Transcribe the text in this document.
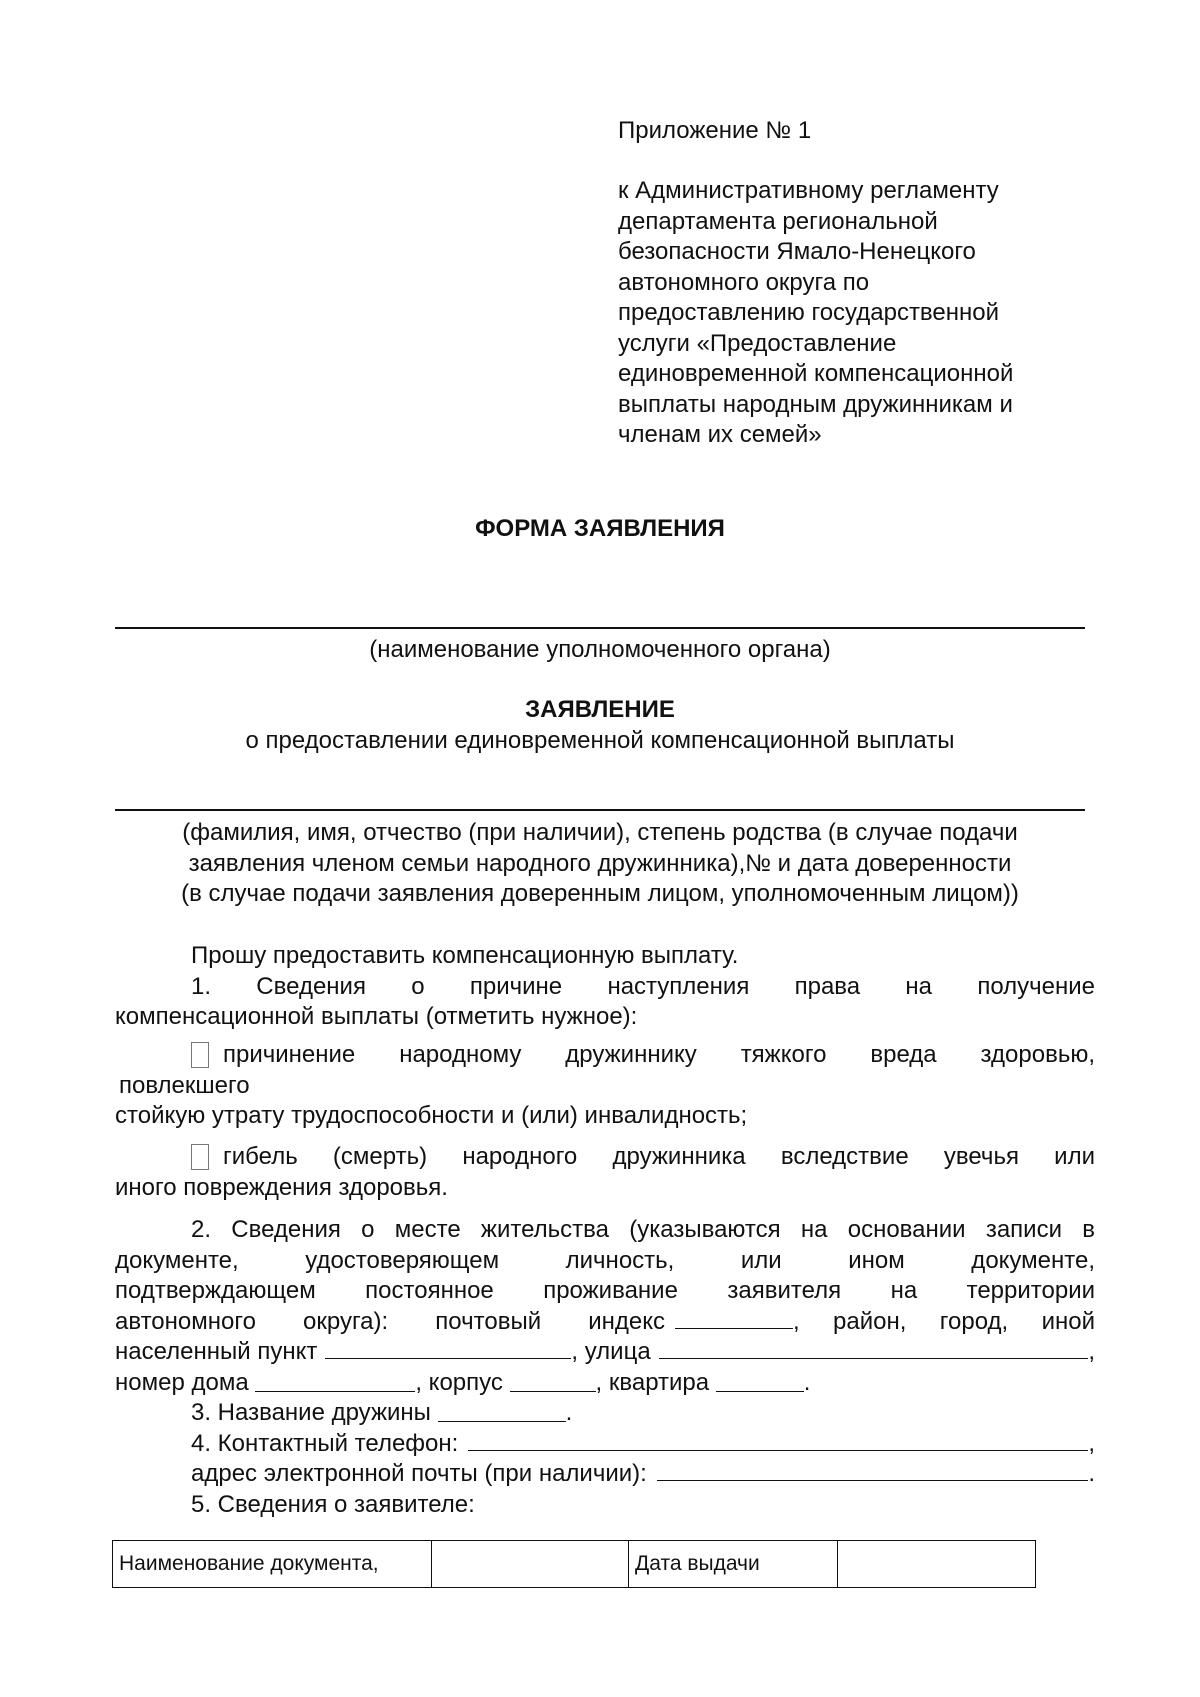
Приложение № 1

к Административному регламенту

департамента региональной

безопасности Ямало-Ненецкого

автономного округа по

предоставлению государственной

услуги «Предоставление

единовременной компенсационной

выплаты народным дружинникам и

членам их семей»

ФОРМА ЗАЯВЛЕНИЯ
(наименование уполномоченного органа)
ЗАЯВЛЕНИЕ
о предоставлении единовременной компенсационной выплаты
(фамилия, имя, отчество (при наличии), степень родства (в случае подачи
заявления членом семьи народного дружинника),№ и дата доверенности
(в случае подачи заявления доверенным лицом, уполномоченным лицом))
Прошу предоставить компенсационную выплату.
1. Сведения о причине наступления права на получение
компенсационной выплаты (отметить нужное):
причинение народному дружиннику тяжкого вреда здоровью,
повлекшего
стойкую утрату трудоспособности и (или) инвалидность;
гибель (смерть) народного дружинника вследствие увечья или
иного повреждения здоровья.
2. Сведения о месте жительства (указываются на основании записи в
документе, удостоверяющем личность, или ином документе,
подтверждающем постоянное проживание заявителя на территории
автономного округа): почтовый индекс	, район, город, иной
населенный пункт	, улица	,
номер дома	, корпус	, квартира	.
3. Название дружины	.
4. Контактный телефон:	,
адрес электронной почты (при наличии):	.
5. Сведения о заявителе:
Наименование документа,		Дата выдачи	
